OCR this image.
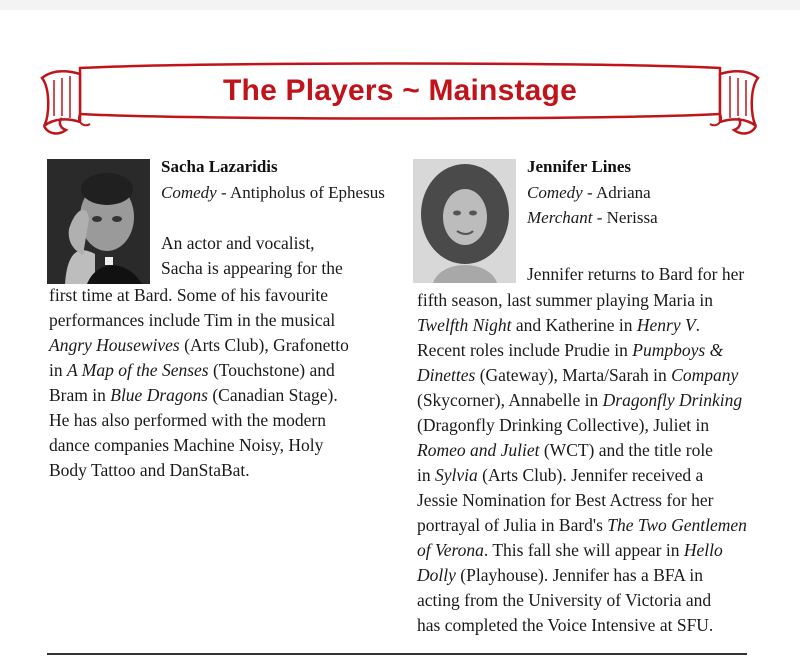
The Players ~ Mainstage
Sacha Lazaridis
Comedy - Antipholus of Ephesus
An actor and vocalist,
Sacha is appearing for the
first time at Bard. Some of his favourite
performances include Tim in the musical
Angry Housewives (Arts Club), Grafonetto
in A Map of the Senses (Touchstone) and
Bram in Blue Dragons (Canadian Stage).
He has also performed with the modern
dance companies Machine Noisy, Holy
Body Tattoo and DanStaBat.
Jennifer Lines
Comedy - Adriana
Merchant - Nerissa
Jennifer returns to Bard for her
fifth season, last summer playing Maria in
Twelfth Night and Katherine in Henry V.
Recent roles include Prudie in Pumpboys &
Dinettes (Gateway), Marta/Sarah in Company
(Skycorner), Annabelle in Dragonfly Drinking
(Dragonfly Drinking Collective), Juliet in
Romeo and Juliet (WCT) and the title role
in Sylvia (Arts Club). Jennifer received a
Jessie Nomination for Best Actress for her
portrayal of Julia in Bard's The Two Gentlemen
of Verona. This fall she will appear in Hello
Dolly (Playhouse). Jennifer has a BFA in
acting from the University of Victoria and
has completed the Voice Intensive at SFU.
